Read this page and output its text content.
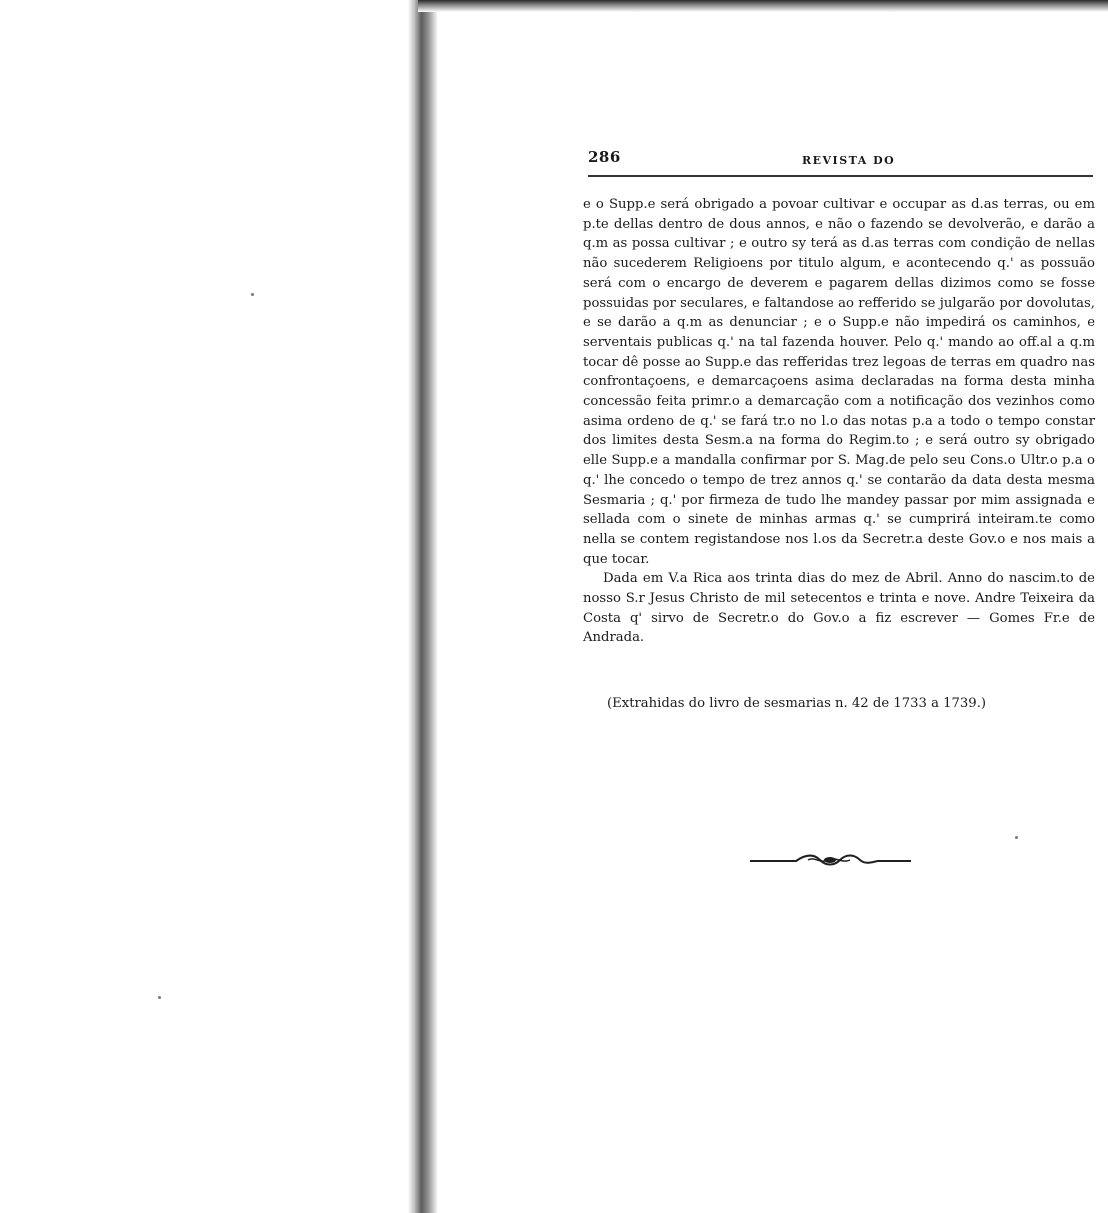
286	REVISTA DO

e o Supp.e será obrigado a povoar cultivar e occupar as d.as terras, ou em p.te dellas dentro de dous annos, e não o fazendo se devolverão, e darão a q.m as possa cultivar ; e outro sy terá as d.as terras com condição de nellas não sucederem Religioens por titulo algum, e acontecendo q.' as possuão será com o encargo de deverem e pagarem dellas dizimos como se fosse possuidas por seculares, e faltandose ao refferido se julgarão por dovolutas, e se darão a q.m as denunciar ; e o Supp.e não impedirá os caminhos, e serventais publicas q.' na tal fazenda houver. Pelo q.' mando ao off.al a q.m tocar dê posse ao Supp.e das refferidas trez legoas de terras em quadro nas confrontaçoens, e demarcaçoens asima declaradas na forma desta minha concessão feita primr.o a demarcação com a notificação dos vezinhos como asima ordeno de q.' se fará tr.o no l.o das notas p.a a todo o tempo constar dos limites desta Sesm.a na forma do Regim.to ; e será outro sy obrigado elle Supp.e a mandalla confirmar por S. Mag.de pelo seu Cons.o Ultr.o p.a o q.' lhe concedo o tempo de trez annos q.' se contarão da data desta mesma Sesmaria ; q.' por firmeza de tudo lhe mandey passar por mim assignada e sellada com o sinete de minhas armas q.' se cumprirá inteiram.te como nella se contem registandose nos l.os da Secretr.a deste Gov.o e nos mais a que tocar.

Dada em V.a Rica aos trinta dias do mez de Abril. Anno do nascim.to de nosso S.r Jesus Christo de mil setecentos e trinta e nove. Andre Teixeira da Costa q' sirvo de Secretr.o do Gov.o a fiz escrever — Gomes Fr.e de Andrada.

(Extrahidas do livro de sesmarias n. 42 de 1733 a 1739.)
